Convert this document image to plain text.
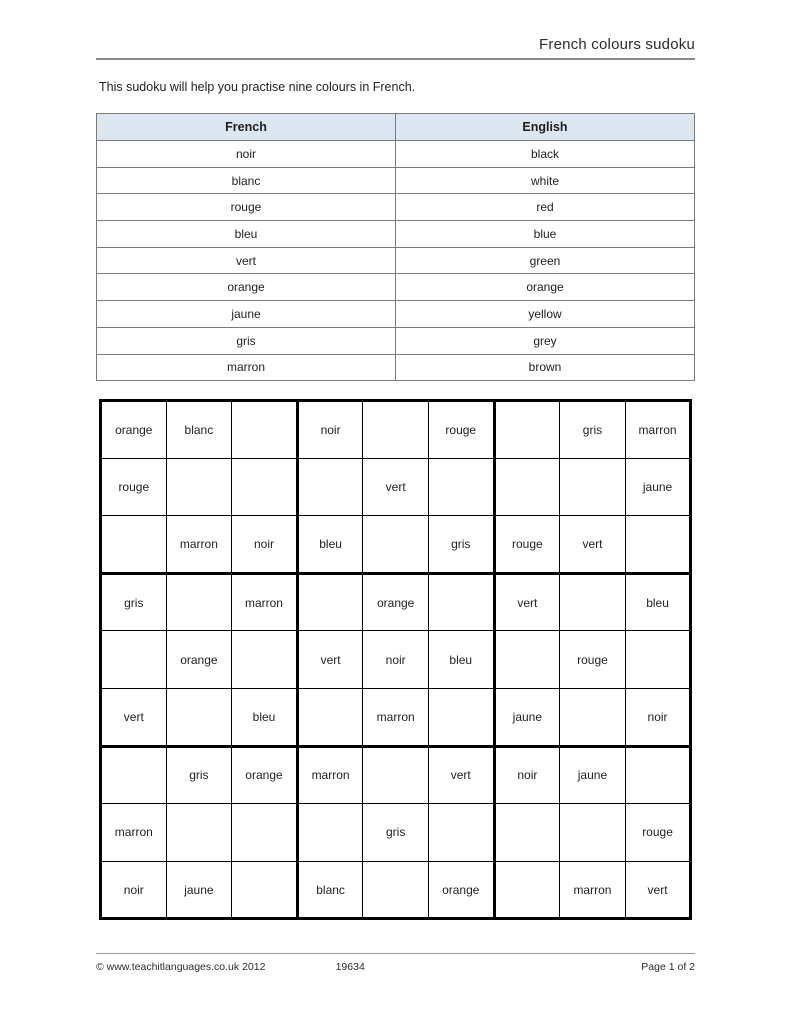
French colours sudoku
This sudoku will help you practise nine colours in French.
French	English
noir	black
blanc	white
rouge	red
bleu	blue
vert	green
orange	orange
jaune	yellow
gris	grey
marron	brown
orange	blanc		noir		rouge		gris	marron
rouge				vert				jaune
	marron	noir	bleu		gris	rouge	vert	
gris		marron		orange		vert		bleu
	orange		vert	noir	bleu		rouge	
vert		bleu		marron		jaune		noir
	gris	orange	marron		vert	noir	jaune	
marron				gris				rouge
noir	jaune		blanc		orange		marron	vert
© www.teachitlanguages.co.uk 2012	19634	Page 1 of 2
